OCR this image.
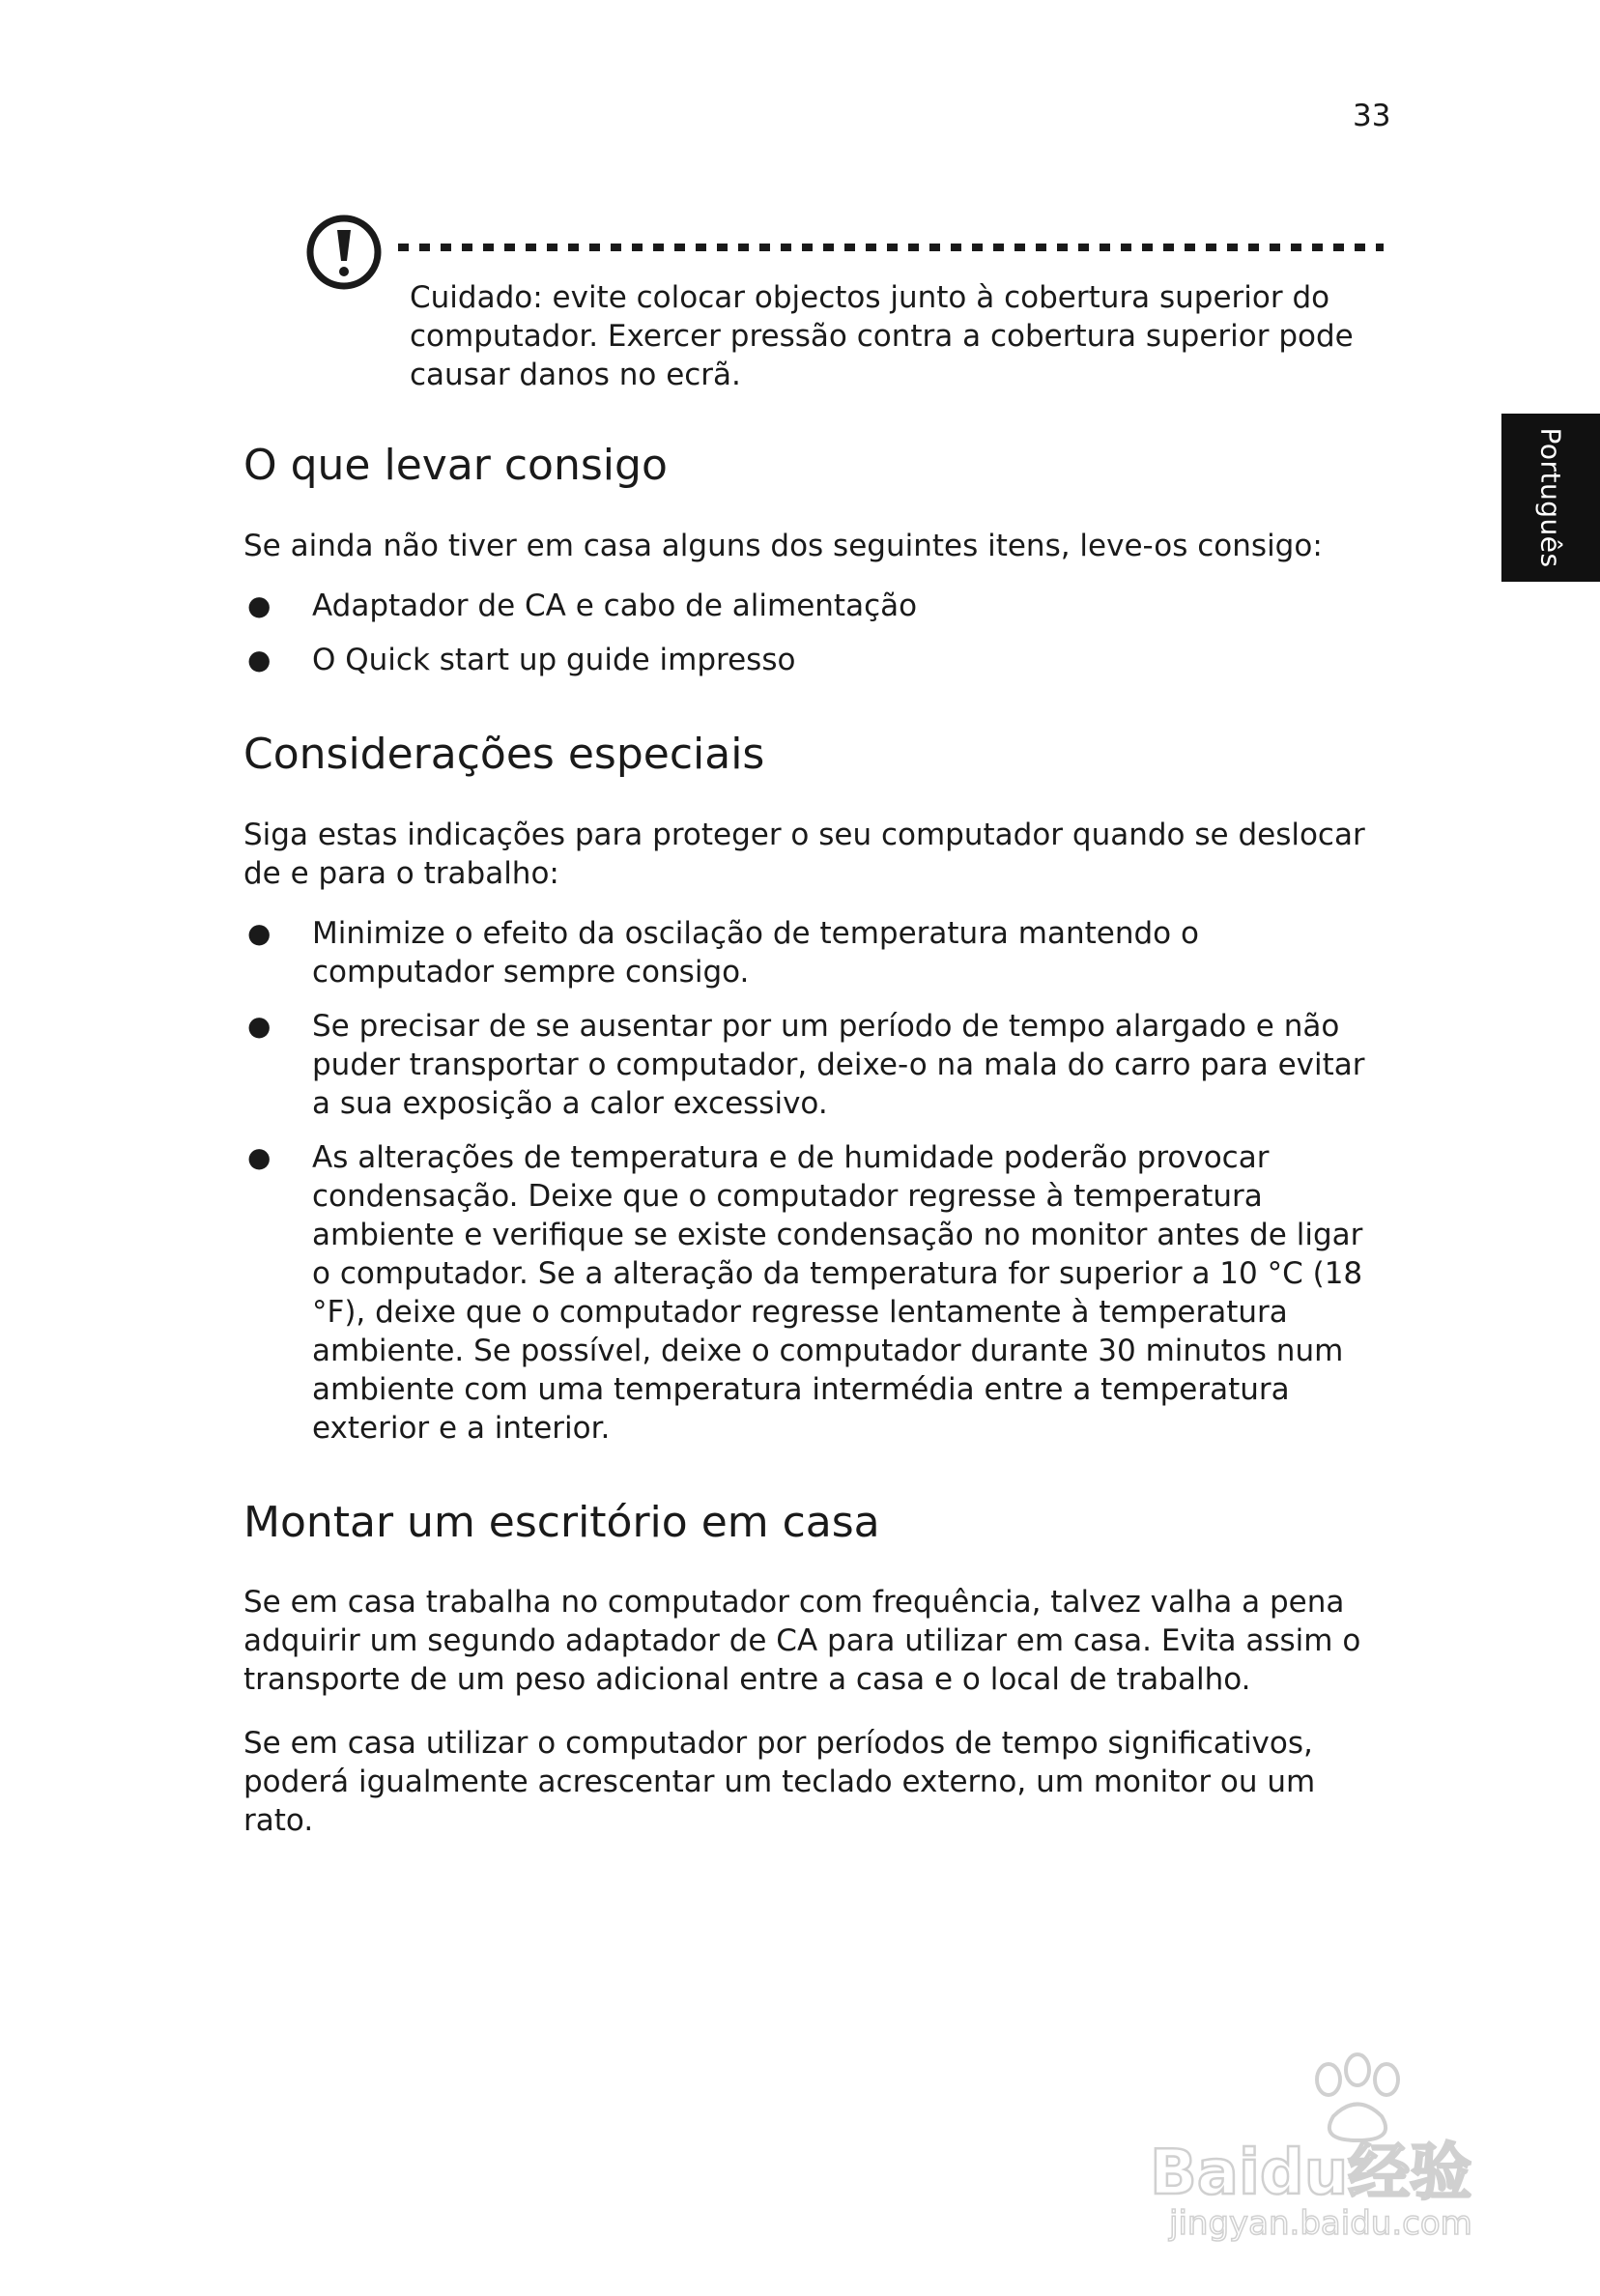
33
Português
Cuidado: evite colocar objectos junto à cobertura superior do computador. Exercer pressão contra a cobertura superior pode causar danos no ecrã.
O que levar consigo

Se ainda não tiver em casa alguns dos seguintes itens, leve-os consigo:

● Adaptador de CA e cabo de alimentação
● O Quick start up guide impresso
Considerações especiais

Siga estas indicações para proteger o seu computador quando se deslocar de e para o trabalho:

● Minimize o efeito da oscilação de temperatura mantendo o computador sempre consigo.
● Se precisar de se ausentar por um período de tempo alargado e não puder transportar o computador, deixe-o na mala do carro para evitar a sua exposição a calor excessivo.
● As alterações de temperatura e de humidade poderão provocar condensação. Deixe que o computador regresse à temperatura ambiente e verifique se existe condensação no monitor antes de ligar o computador. Se a alteração da temperatura for superior a 10 °C (18 °F), deixe que o computador regresse lentamente à temperatura ambiente. Se possível, deixe o computador durante 30 minutos num ambiente com uma temperatura intermédia entre a temperatura exterior e a interior.
Montar um escritório em casa

Se em casa trabalha no computador com frequência, talvez valha a pena adquirir um segundo adaptador de CA para utilizar em casa. Evita assim o transporte de um peso adicional entre a casa e o local de trabalho.

Se em casa utilizar o computador por períodos de tempo significativos, poderá igualmente acrescentar um teclado externo, um monitor ou um rato.

Baidu经验
jingyan.baidu.com
